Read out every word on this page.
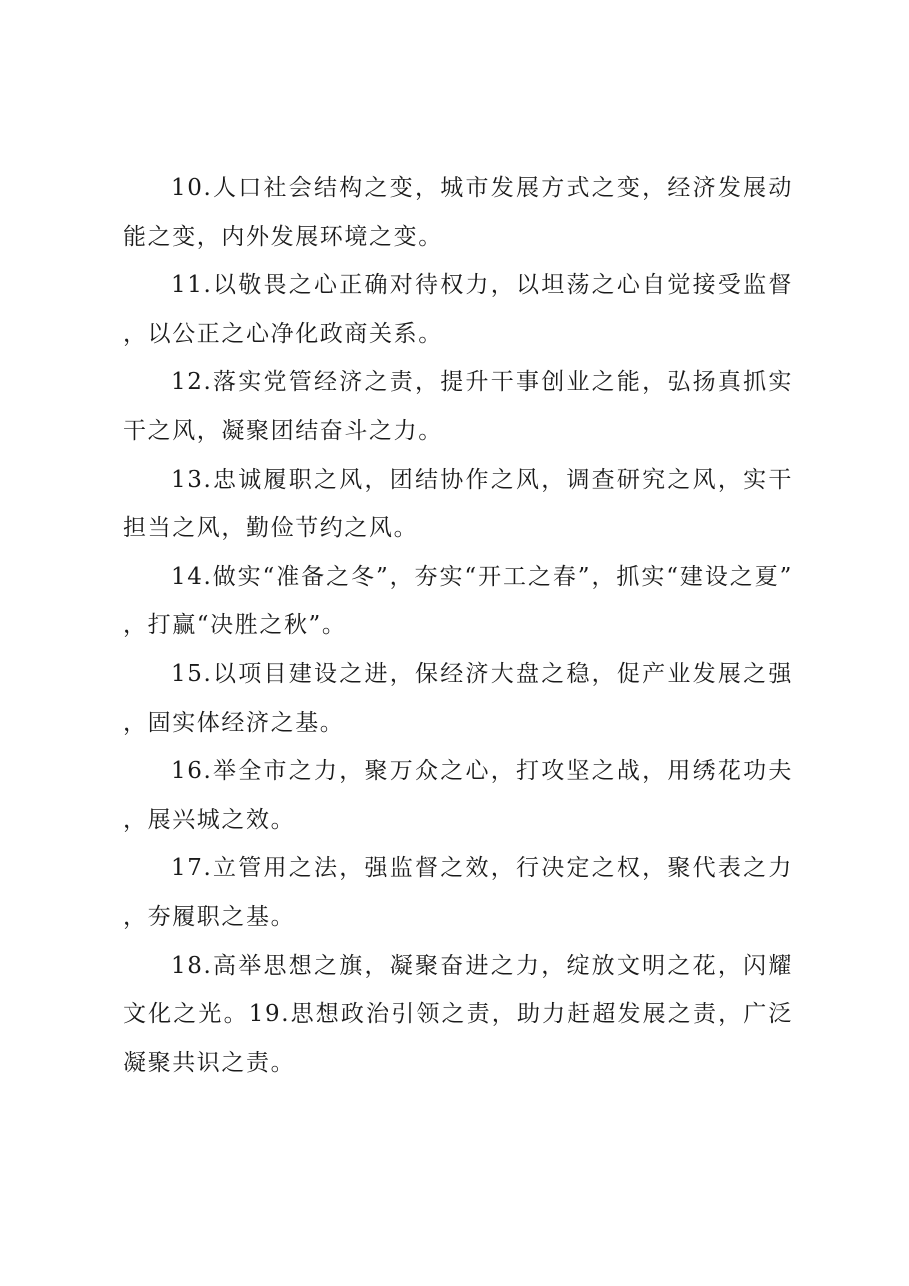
10.人口社会结构之变，城市发展方式之变，经济发展动能之变，内外发展环境之变。

11.以敬畏之心正确对待权力，以坦荡之心自觉接受监督，以公正之心净化政商关系。

12.落实党管经济之责，提升干事创业之能，弘扬真抓实干之风，凝聚团结奋斗之力。

13.忠诚履职之风，团结协作之风，调查研究之风，实干担当之风，勤俭节约之风。

14.做实“准备之冬”，夯实“开工之春”，抓实“建设之夏”，打赢“决胜之秋”。

15.以项目建设之进，保经济大盘之稳，促产业发展之强，固实体经济之基。

16.举全市之力，聚万众之心，打攻坚之战，用绣花功夫，展兴城之效。

17.立管用之法，强监督之效，行决定之权，聚代表之力，夯履职之基。

18.高举思想之旗，凝聚奋进之力，绽放文明之花，闪耀文化之光。19.思想政治引领之责，助力赶超发展之责，广泛凝聚共识之责。
